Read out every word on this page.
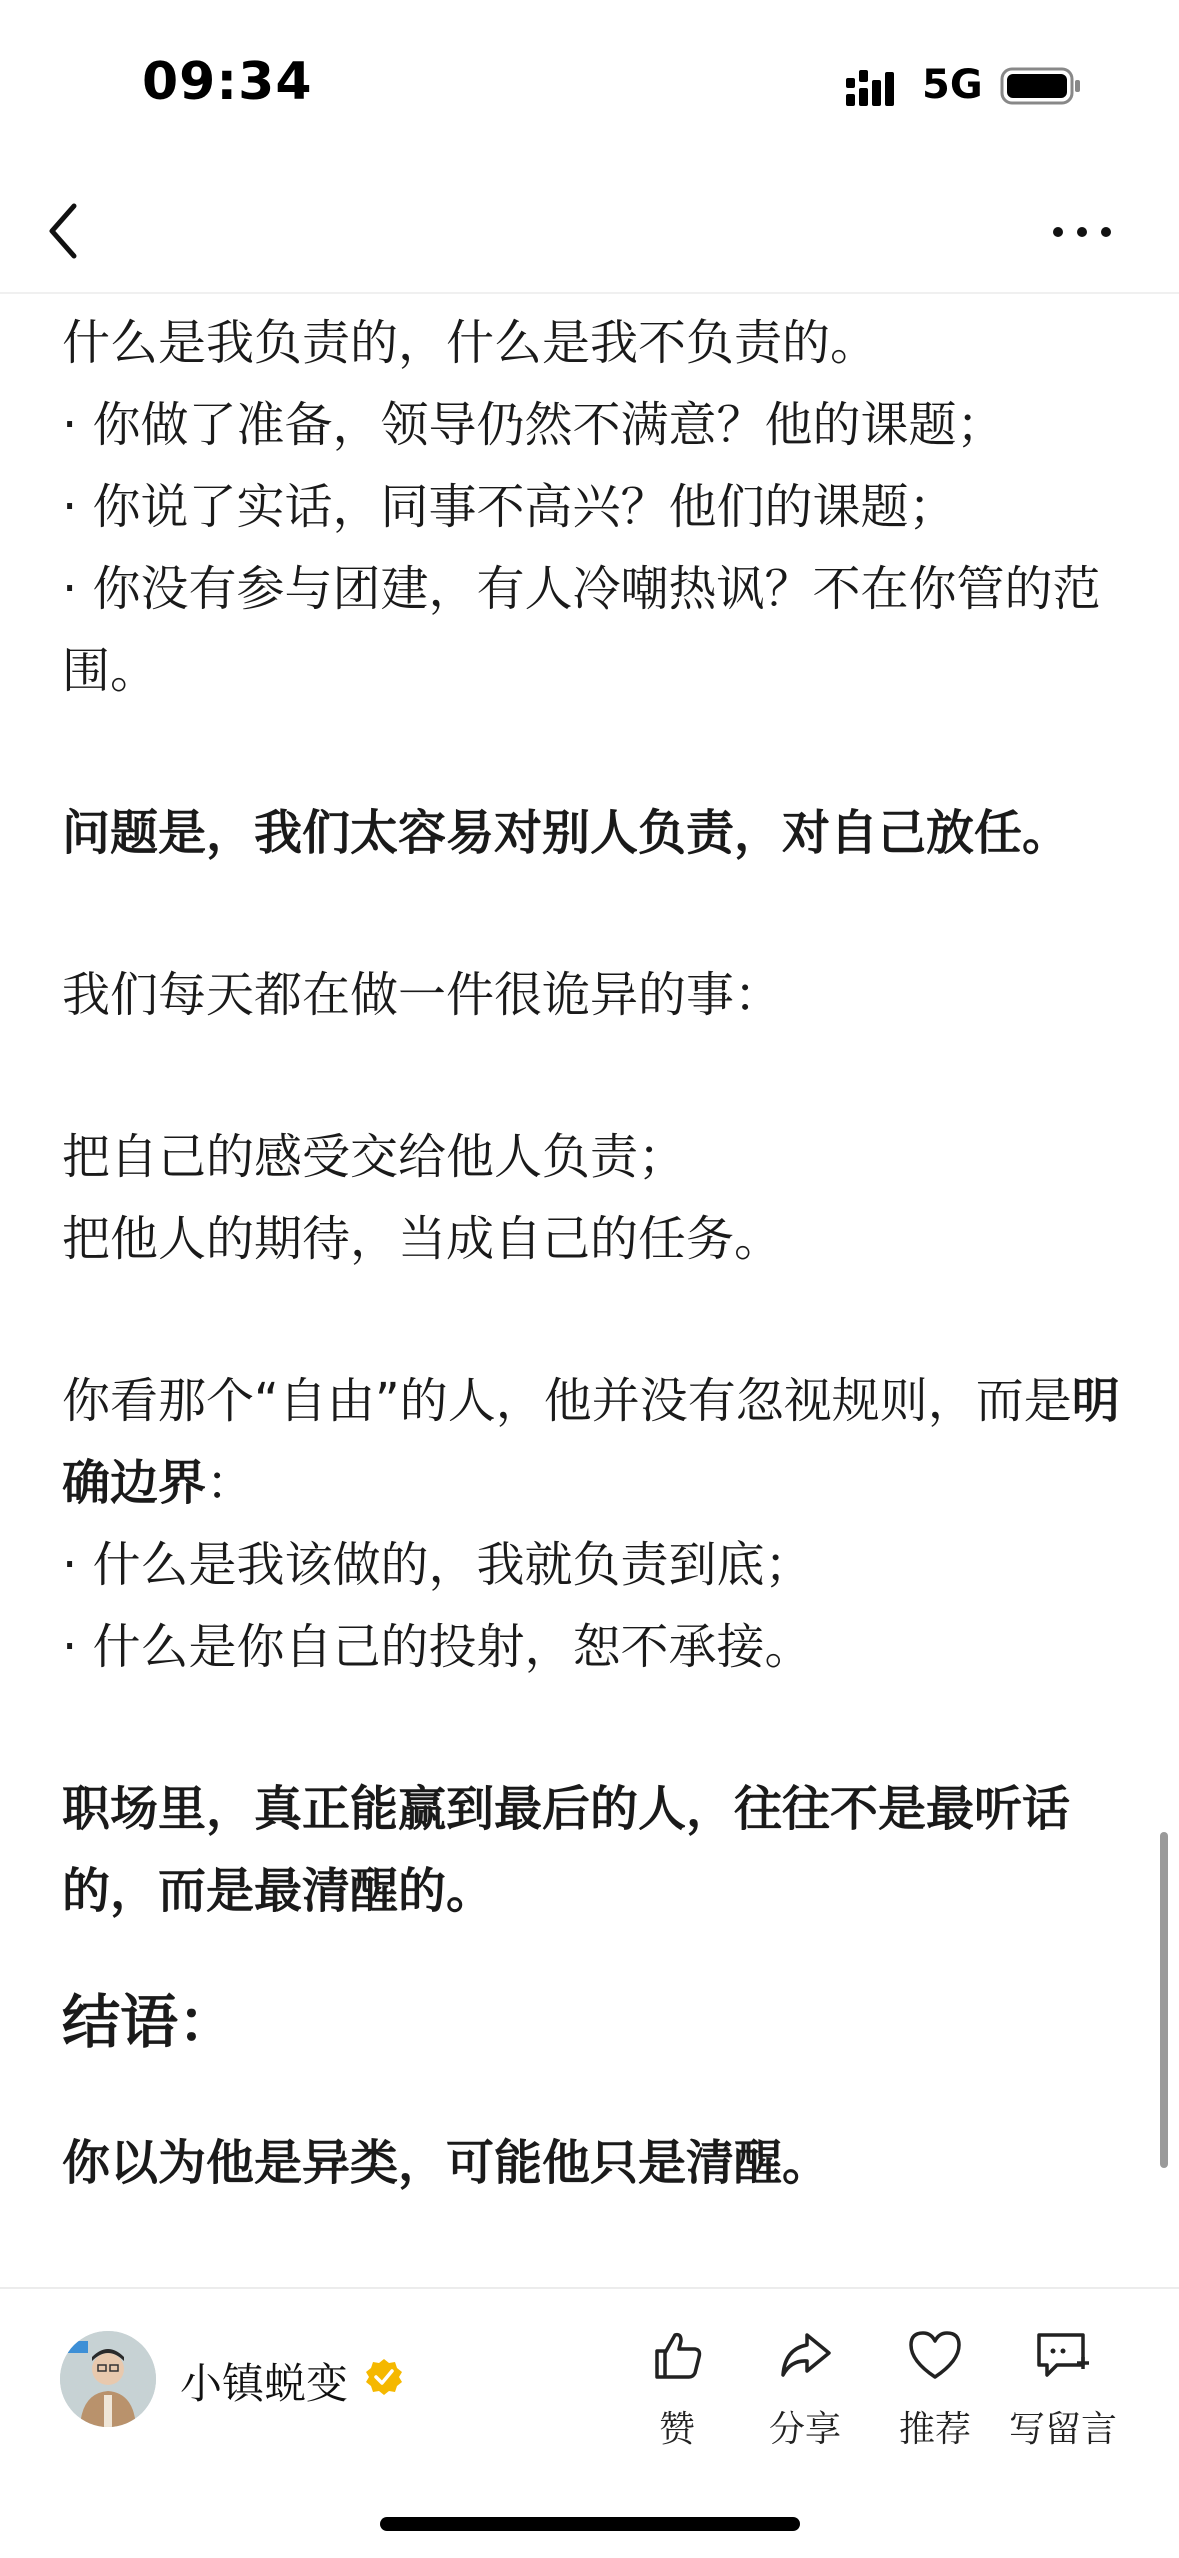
09:34	5G

什么是我负责的，什么是我不负责的。

· 你做了准备，领导仍然不满意？他的课题；

· 你说了实话，同事不高兴？他们的课题；

· 你没有参与团建，有人冷嘲热讽？不在你管的范围。

问题是，我们太容易对别人负责，对自己放任。

我们每天都在做一件很诡异的事：

把自己的感受交给他人负责；

把他人的期待，当成自己的任务。

你看那个“自由”的人，他并没有忽视规则，而是明确边界：

· 什么是我该做的，我就负责到底；

· 什么是你自己的投射，恕不承接。

职场里，真正能赢到最后的人，往往不是最听话的，而是最清醒的。

结语：

你以为他是异类，可能他只是清醒。

小镇蜕变
赞	分享	推荐	写留言
